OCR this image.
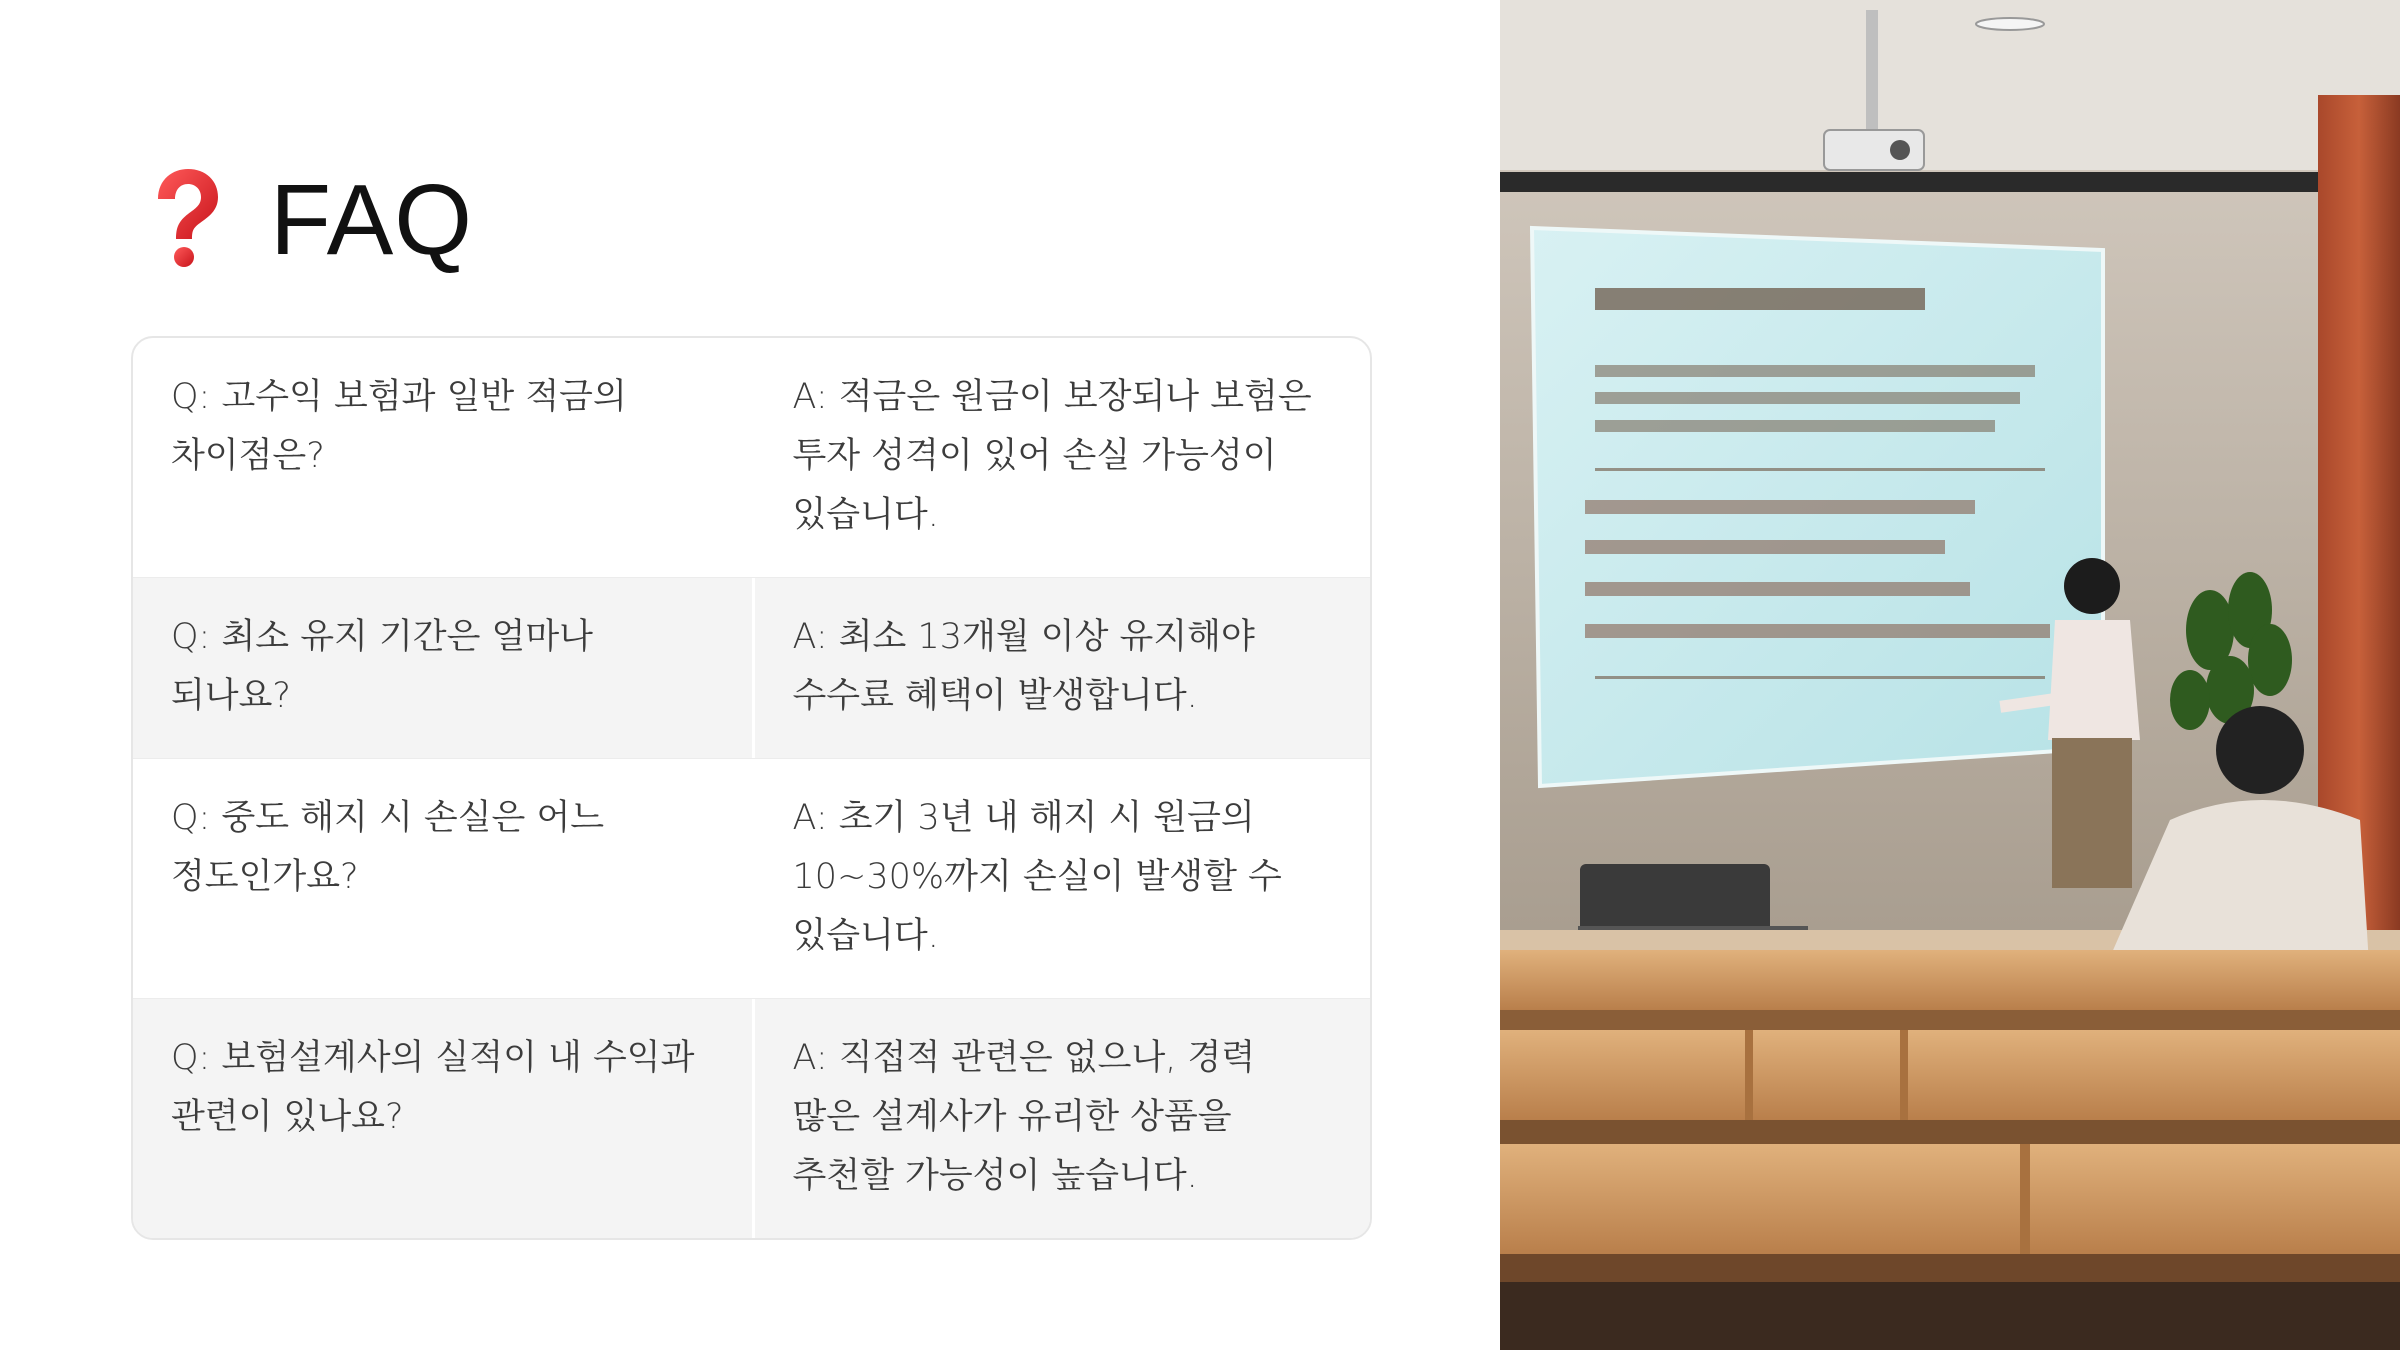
FAQ
Q: 고수익 보험과 일반 적금의 차이점은?
A: 적금은 원금이 보장되나 보험은 투자 성격이 있어 손실 가능성이 있습니다.
Q: 최소 유지 기간은 얼마나 되나요?
A: 최소 13개월 이상 유지해야 수수료 혜택이 발생합니다.
Q: 중도 해지 시 손실은 어느 정도인가요?
A: 초기 3년 내 해지 시 원금의 10~30%까지 손실이 발생할 수 있습니다.
Q: 보험설계사의 실적이 내 수익과 관련이 있나요?
A: 직접적 관련은 없으나, 경력 많은 설계사가 유리한 상품을 추천할 가능성이 높습니다.
